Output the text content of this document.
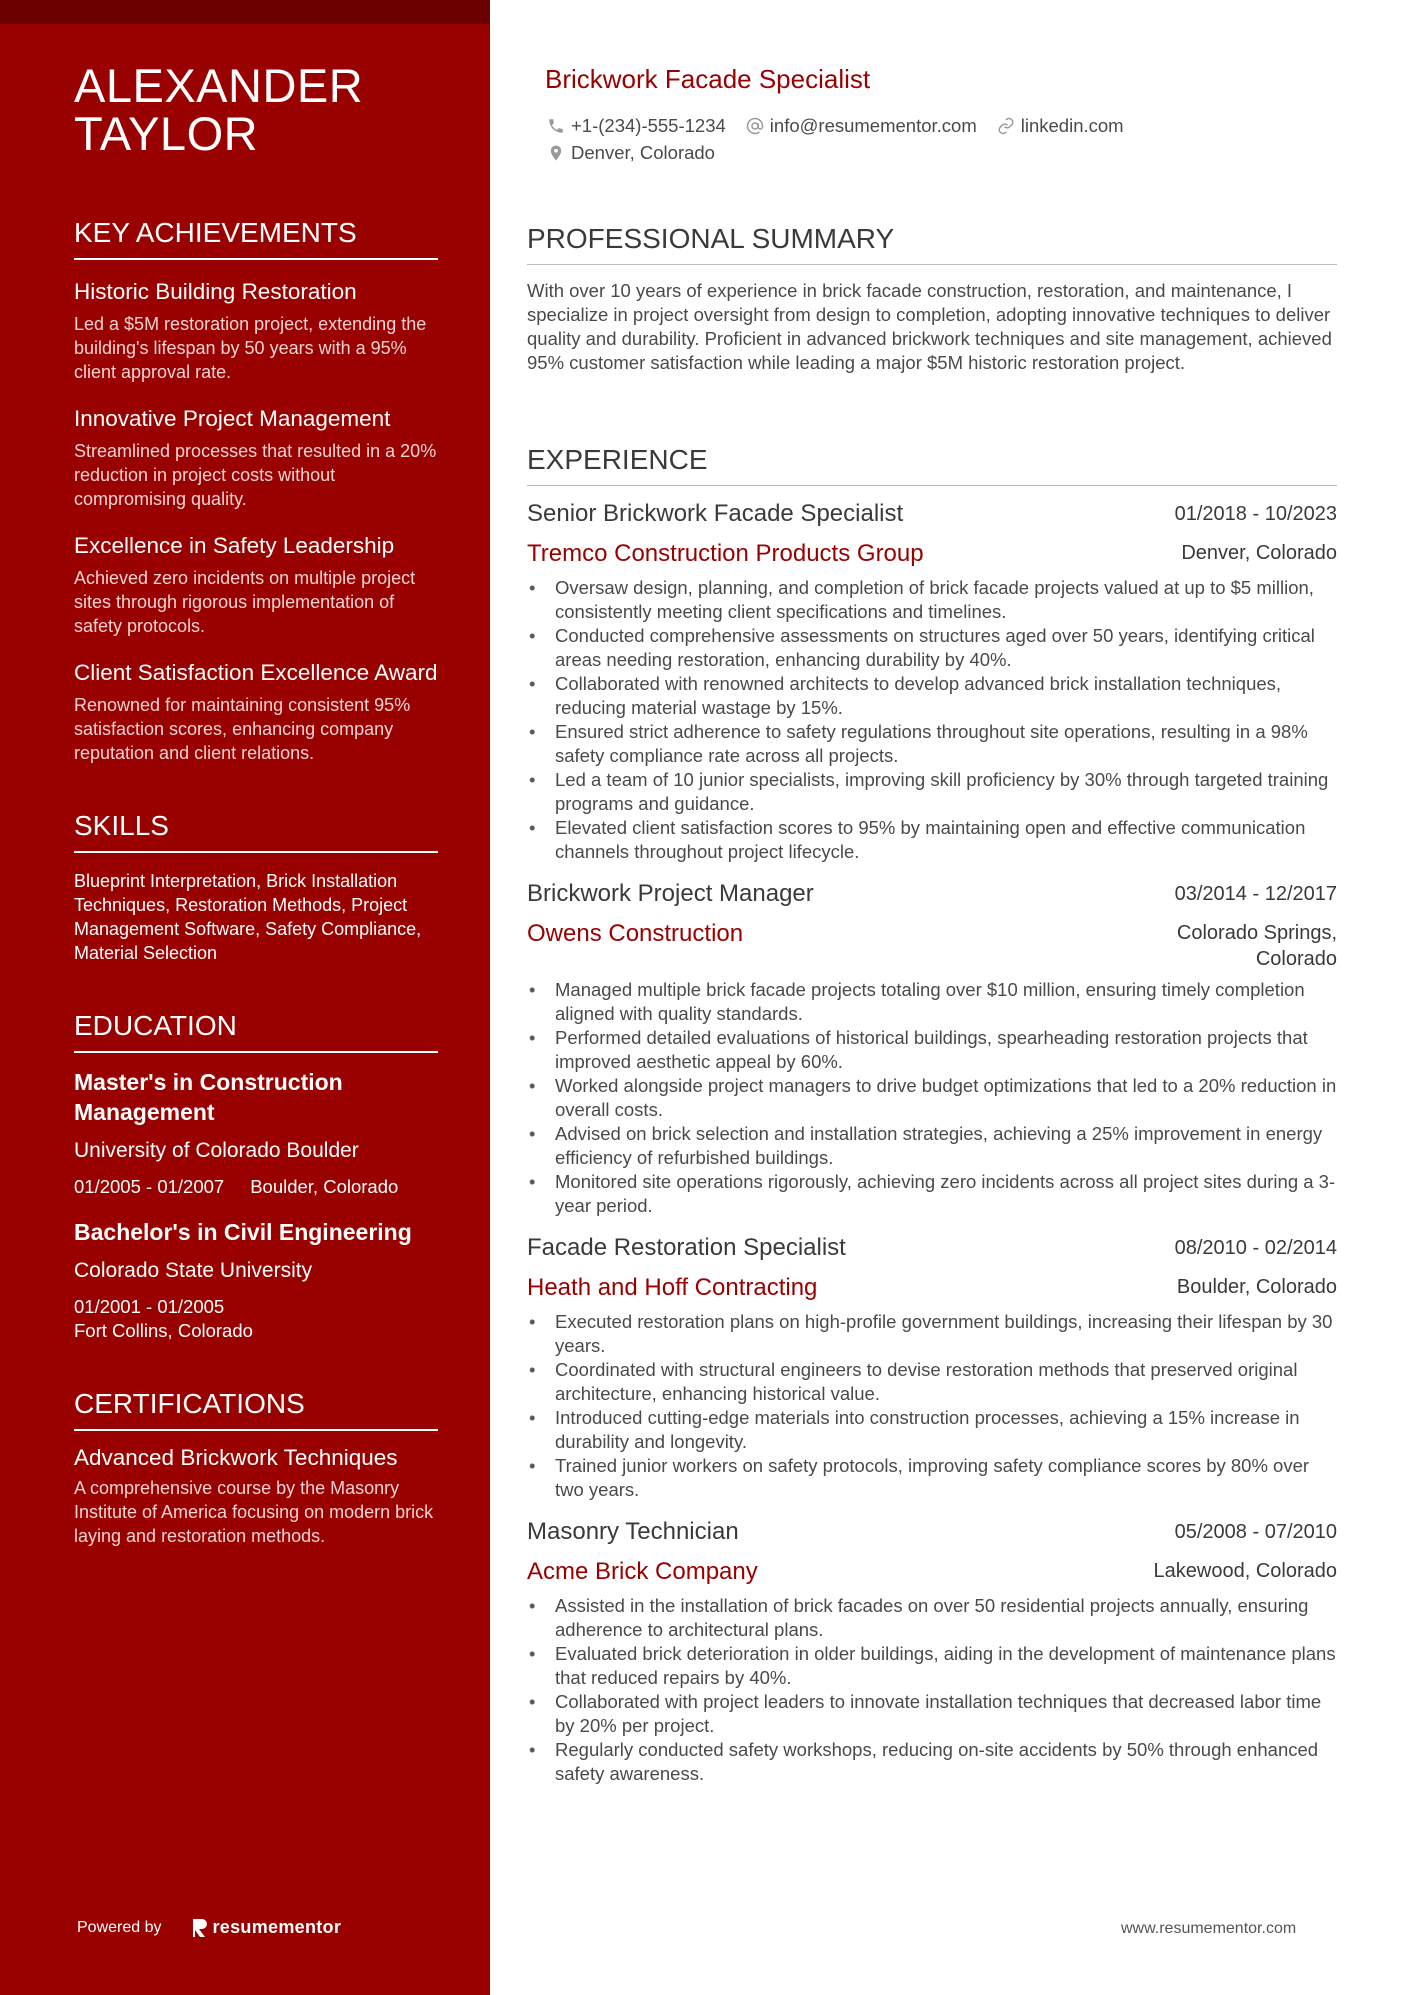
ALEXANDER TAYLOR
KEY ACHIEVEMENTS
Historic Building Restoration
Led a $5M restoration project, extending the building's lifespan by 50 years with a 95% client approval rate.
Innovative Project Management
Streamlined processes that resulted in a 20% reduction in project costs without compromising quality.
Excellence in Safety Leadership
Achieved zero incidents on multiple project sites through rigorous implementation of safety protocols.
Client Satisfaction Excellence Award
Renowned for maintaining consistent 95% satisfaction scores, enhancing company reputation and client relations.
SKILLS
Blueprint Interpretation, Brick Installation Techniques, Restoration Methods, Project Management Software, Safety Compliance, Material Selection
EDUCATION
Master's in Construction Management
University of Colorado Boulder
01/2005 - 01/2007 Boulder, Colorado
Bachelor's in Civil Engineering
Colorado State University
01/2001 - 01/2005
Fort Collins, Colorado
CERTIFICATIONS
Advanced Brickwork Techniques
A comprehensive course by the Masonry Institute of America focusing on modern brick laying and restoration methods.
Powered by	resumementor
Brickwork Facade Specialist
+1-(234)-555-1234 info@resumementor.com linkedin.com
Denver, Colorado
PROFESSIONAL SUMMARY
With over 10 years of experience in brick facade construction, restoration, and maintenance, I specialize in project oversight from design to completion, adopting innovative techniques to deliver quality and durability. Proficient in advanced brickwork techniques and site management, achieved 95% customer satisfaction while leading a major $5M historic restoration project.
EXPERIENCE
Senior Brickwork Facade Specialist	01/2018 - 10/2023
Tremco Construction Products Group	Denver, Colorado
• Oversaw design, planning, and completion of brick facade projects valued at up to $5 million, consistently meeting client specifications and timelines.
• Conducted comprehensive assessments on structures aged over 50 years, identifying critical areas needing restoration, enhancing durability by 40%.
• Collaborated with renowned architects to develop advanced brick installation techniques, reducing material wastage by 15%.
• Ensured strict adherence to safety regulations throughout site operations, resulting in a 98% safety compliance rate across all projects.
• Led a team of 10 junior specialists, improving skill proficiency by 30% through targeted training programs and guidance.
• Elevated client satisfaction scores to 95% by maintaining open and effective communication channels throughout project lifecycle.
Brickwork Project Manager	03/2014 - 12/2017
Owens Construction	Colorado Springs, Colorado
• Managed multiple brick facade projects totaling over $10 million, ensuring timely completion aligned with quality standards.
• Performed detailed evaluations of historical buildings, spearheading restoration projects that improved aesthetic appeal by 60%.
• Worked alongside project managers to drive budget optimizations that led to a 20% reduction in overall costs.
• Advised on brick selection and installation strategies, achieving a 25% improvement in energy efficiency of refurbished buildings.
• Monitored site operations rigorously, achieving zero incidents across all project sites during a 3-year period.
Facade Restoration Specialist	08/2010 - 02/2014
Heath and Hoff Contracting	Boulder, Colorado
• Executed restoration plans on high-profile government buildings, increasing their lifespan by 30 years.
• Coordinated with structural engineers to devise restoration methods that preserved original architecture, enhancing historical value.
• Introduced cutting-edge materials into construction processes, achieving a 15% increase in durability and longevity.
• Trained junior workers on safety protocols, improving safety compliance scores by 80% over two years.
Masonry Technician	05/2008 - 07/2010
Acme Brick Company	Lakewood, Colorado
• Assisted in the installation of brick facades on over 50 residential projects annually, ensuring adherence to architectural plans.
• Evaluated brick deterioration in older buildings, aiding in the development of maintenance plans that reduced repairs by 40%.
• Collaborated with project leaders to innovate installation techniques that decreased labor time by 20% per project.
• Regularly conducted safety workshops, reducing on-site accidents by 50% through enhanced safety awareness.
www.resumementor.com
